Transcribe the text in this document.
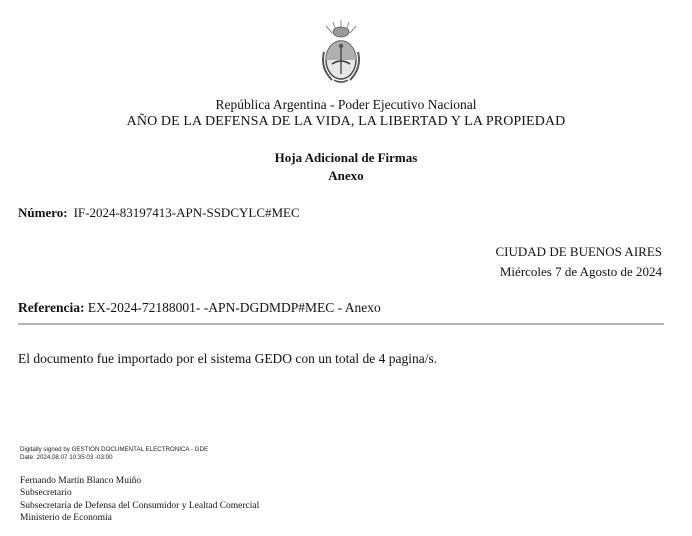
República Argentina - Poder Ejecutivo Nacional
AÑO DE LA DEFENSA DE LA VIDA, LA LIBERTAD Y LA PROPIEDAD
Hoja Adicional de Firmas
Anexo
Número: IF-2024-83197413-APN-SSDCYLC#MEC
CIUDAD DE BUENOS AIRES
Miércoles 7 de Agosto de 2024
Referencia: EX-2024-72188001- -APN-DGDMDP#MEC - Anexo
El documento fue importado por el sistema GEDO con un total de 4 pagina/s.
Digitally signed by GESTION DOCUMENTAL ELECTRONICA - GDE
Date: 2024.08.07 10:35:03 -03:00
Fernando Martín Blanco Muiño
Subsecretario
Subsecretaría de Defensa del Consumidor y Lealtad Comercial
Ministerio de Economía
